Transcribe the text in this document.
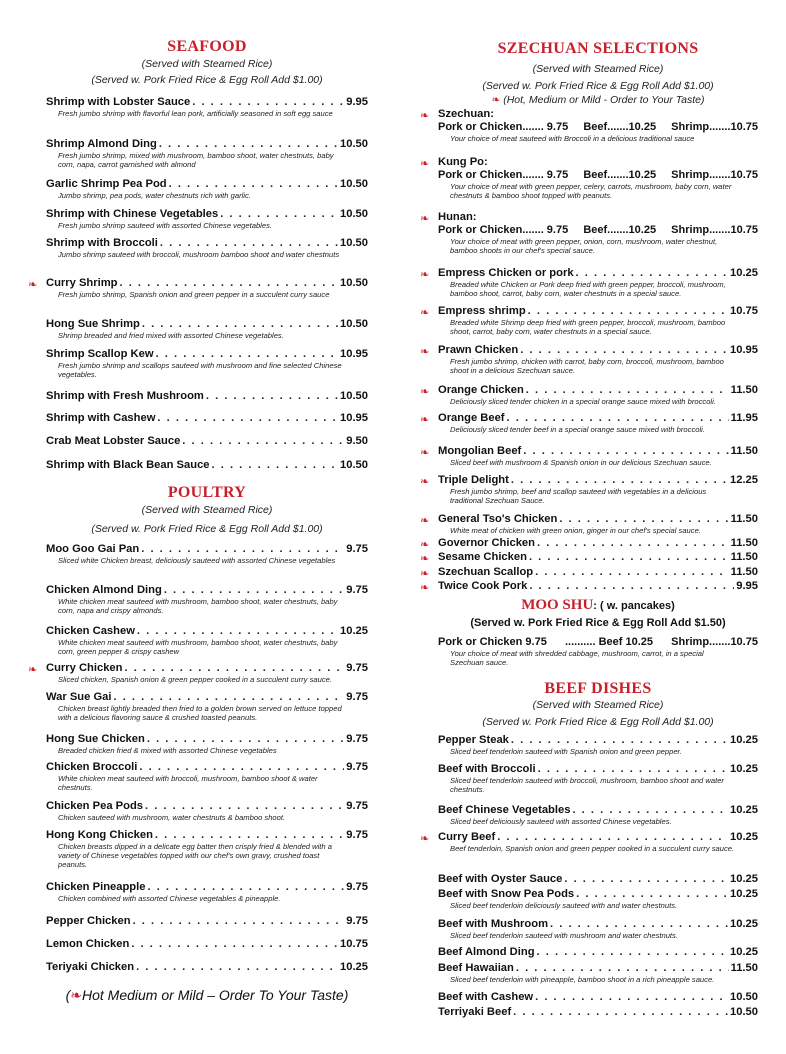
SEAFOOD
(Served with Steamed Rice)
(Served w. Pork Fried Rice & Egg Roll Add $1.00)
Shrimp with Lobster Sauce . . .	9.95
Fresh jumbo shrimp with flavorful lean pork, artificially seasoned in soft egg sauce
Shrimp Almond Ding . . .	10.50
Fresh jumbo shrimp, mixed with mushroom, bamboo shoot, water chestnuts, baby corn, napa, carrot garnished with almond
Garlic Shrimp Pea Pod . . .	10.50
Jumbo shrimp, pea pods, water chestnuts rich with garlic.
Shrimp with Chinese Vegetables . . .	10.50
Fresh jumbo shrimp sauteed with assorted Chinese vegetables.
Shrimp with Broccoli . . .	10.50
Jumbo shrimp sauteed with broccoli, mushroom bamboo shoot and water chestnuts
❧ Curry Shrimp . . .	10.50
Fresh jumbo shrimp, Spanish onion and green pepper in a succulent curry sauce
Hong Sue Shrimp . . .	10.50
Shrimp breaded and fried mixed with assorted Chinese vegetables.
Shrimp Scallop Kew . . .	10.95
Fresh jumbo shrimp and scallops sauteed with mushroom and fine selected Chinese vegetables.
Shrimp with Fresh Mushroom . . .	10.50
Shrimp with Cashew . . .	10.95
Crab Meat Lobster Sauce . . .	9.50
Shrimp with Black Bean Sauce . . .	10.50
POULTRY
(Served with Steamed Rice)
(Served w. Pork Fried Rice & Egg Roll Add $1.00)
Moo Goo Gai Pan . . .	9.75
Sliced white Chicken breast, deliciously sauteed with assorted Chinese vegetables
Chicken Almond Ding . . .	9.75
White chicken meat sauteed with mushroom, bamboo shoot, water chestnuts, baby corn, napa and crispy almonds.
Chicken Cashew . . .	10.25
White chicken meat sauteed with mushroom, bamboo shoot, water chestnuts, baby corn, green pepper & crispy cashew
❧ Curry Chicken . . .	9.75
Sliced chicken, Spanish onion & green pepper cooked in a succulent curry sauce.
War Sue Gai . . .	9.75
Chicken breast lightly breaded then fried to a golden brown served on lettuce topped with a delicious flavoring sauce & crushed toasted peanuts.
Hong Sue Chicken . . .	9.75
Breaded chicken fried & mixed with assorted Chinese vegetables
Chicken Broccoli . . .	9.75
White chicken meat sauteed with broccoli, mushroom, bamboo shoot & water chestnuts.
Chicken Pea Pods . . .	9.75
Chicken sauteed with mushroom, water chestnuts & bamboo shoot.
Hong Kong Chicken . . .	9.75
Chicken breasts dipped in a delicate egg batter then crisply fried & blended with a variety of Chinese vegetables topped with our chef's own gravy, crushed toast peanuts.
Chicken Pineapple . . .	9.75
Chicken combined with assorted Chinese vegetables & pineapple.
Pepper Chicken . . .	9.75
Lemon Chicken . . .	10.75
Teriyaki Chicken . . .	10.25
(❧Hot Medium or Mild – Order To Your Taste)
SZECHUAN SELECTIONS
(Served with Steamed Rice)
(Served w. Pork Fried Rice & Egg Roll Add $1.00)
❧ (Hot, Medium or Mild - Order to Your Taste)
❧ Szechuan:
Pork or Chicken....... 9.75 Beef.......10.25 Shrimp.......10.75
Your choice of meat sauteed with Broccoli in a delicious traditional sauce
❧ Kung Po:
Pork or Chicken....... 9.75 Beef.......10.25 Shrimp.......10.75
Your choice of meat with green pepper, celery, carrots, mushroom, baby corn, water chestnuts & bamboo shoot topped with peanuts.
❧ Hunan:
Pork or Chicken....... 9.75 Beef.......10.25 Shrimp.......10.75
Your choice of meat with green pepper, onion, corn, mushroom, water chestnut, bamboo shoots in our chef's special sauce.
❧ Empress Chicken or pork . . .	10.25
Breaded white Chicken or Pork deep fried with green pepper, broccoli, mushroom, bamboo shoot, carrot, baby corn, water chestnuts in a special sauce.
❧ Empress shrimp . . .	10.75
Breaded white Shrimp deep fried with green pepper, broccoli, mushroom, bamboo shoot, carrot, baby corn, water chestnuts in a special sauce.
❧ Prawn Chicken . . .	10.95
Fresh jumbo shrimp, chicken with carrot, baby corn, broccoli, mushroom, bamboo shoot in a delicious Szechuan sauce.
❧ Orange Chicken . . .	11.50
Deliciously sliced tender chicken in a special orange sauce mixed with broccoli.
❧ Orange Beef . . .	11.95
Deliciously sliced tender beef in a special orange sauce mixed with broccoli.
❧ Mongolian Beef . . .	11.50
Sliced beef with mushroom & Spanish onion in our delicious Szechuan sauce.
❧ Triple Delight . . .	12.25
Fresh jumbo shrimp, beef and scallop sauteed with vegetables in a delicious traditional Szechuan Sauce.
❧ General Tso's Chicken . . .	11.50
White meat of chicken with green onion, ginger in our chef's special sauce.
❧ Governor Chicken . . .	11.50
❧ Sesame Chicken . . .	11.50
❧ Szechuan Scallop . . .	11.50
❧ Twice Cook Pork . . .	9.95
MOO SHU: ( w. pancakes)
(Served w. Pork Fried Rice & Egg Roll Add $1.50)
Pork or Chicken 9.75 .......... Beef 10.25 Shrimp.......10.75
Your choice of meat with shredded cabbage, mushroom, carrot, in a special Szechuan sauce.
BEEF DISHES
(Served with Steamed Rice)
(Served w. Pork Fried Rice & Egg Roll Add $1.00)
Pepper Steak . . .	10.25
Sliced beef tenderloin sauteed with Spanish onion and green pepper.
Beef with Broccoli . . .	10.25
Sliced beef tenderloin sauteed with broccoli, mushroom, bamboo shoot and water chestnuts.
Beef Chinese Vegetables . . .	10.25
Sliced beef deliciously sauteed with assorted Chinese vegetables.
❧ Curry Beef . . .	10.25
Beef tenderloin, Spanish onion and green pepper cooked in a succulent curry sauce.
Beef with Oyster Sauce . . .	10.25
Beef with Snow Pea Pods . . .	10.25
Sliced beef tenderloin deliciously sauteed with and water chestnuts.
Beef with Mushroom . . .	10.25
Sliced beef tenderloin sauteed with mushroom and water chestnuts.
Beef Almond Ding . . .	10.25
Beef Hawaiian . . .	11.50
Sliced beef tenderloin with pineapple, bamboo shoot in a rich pineapple sauce.
Beef with Cashew . . .	10.50
Terriyaki Beef . . .	10.50
